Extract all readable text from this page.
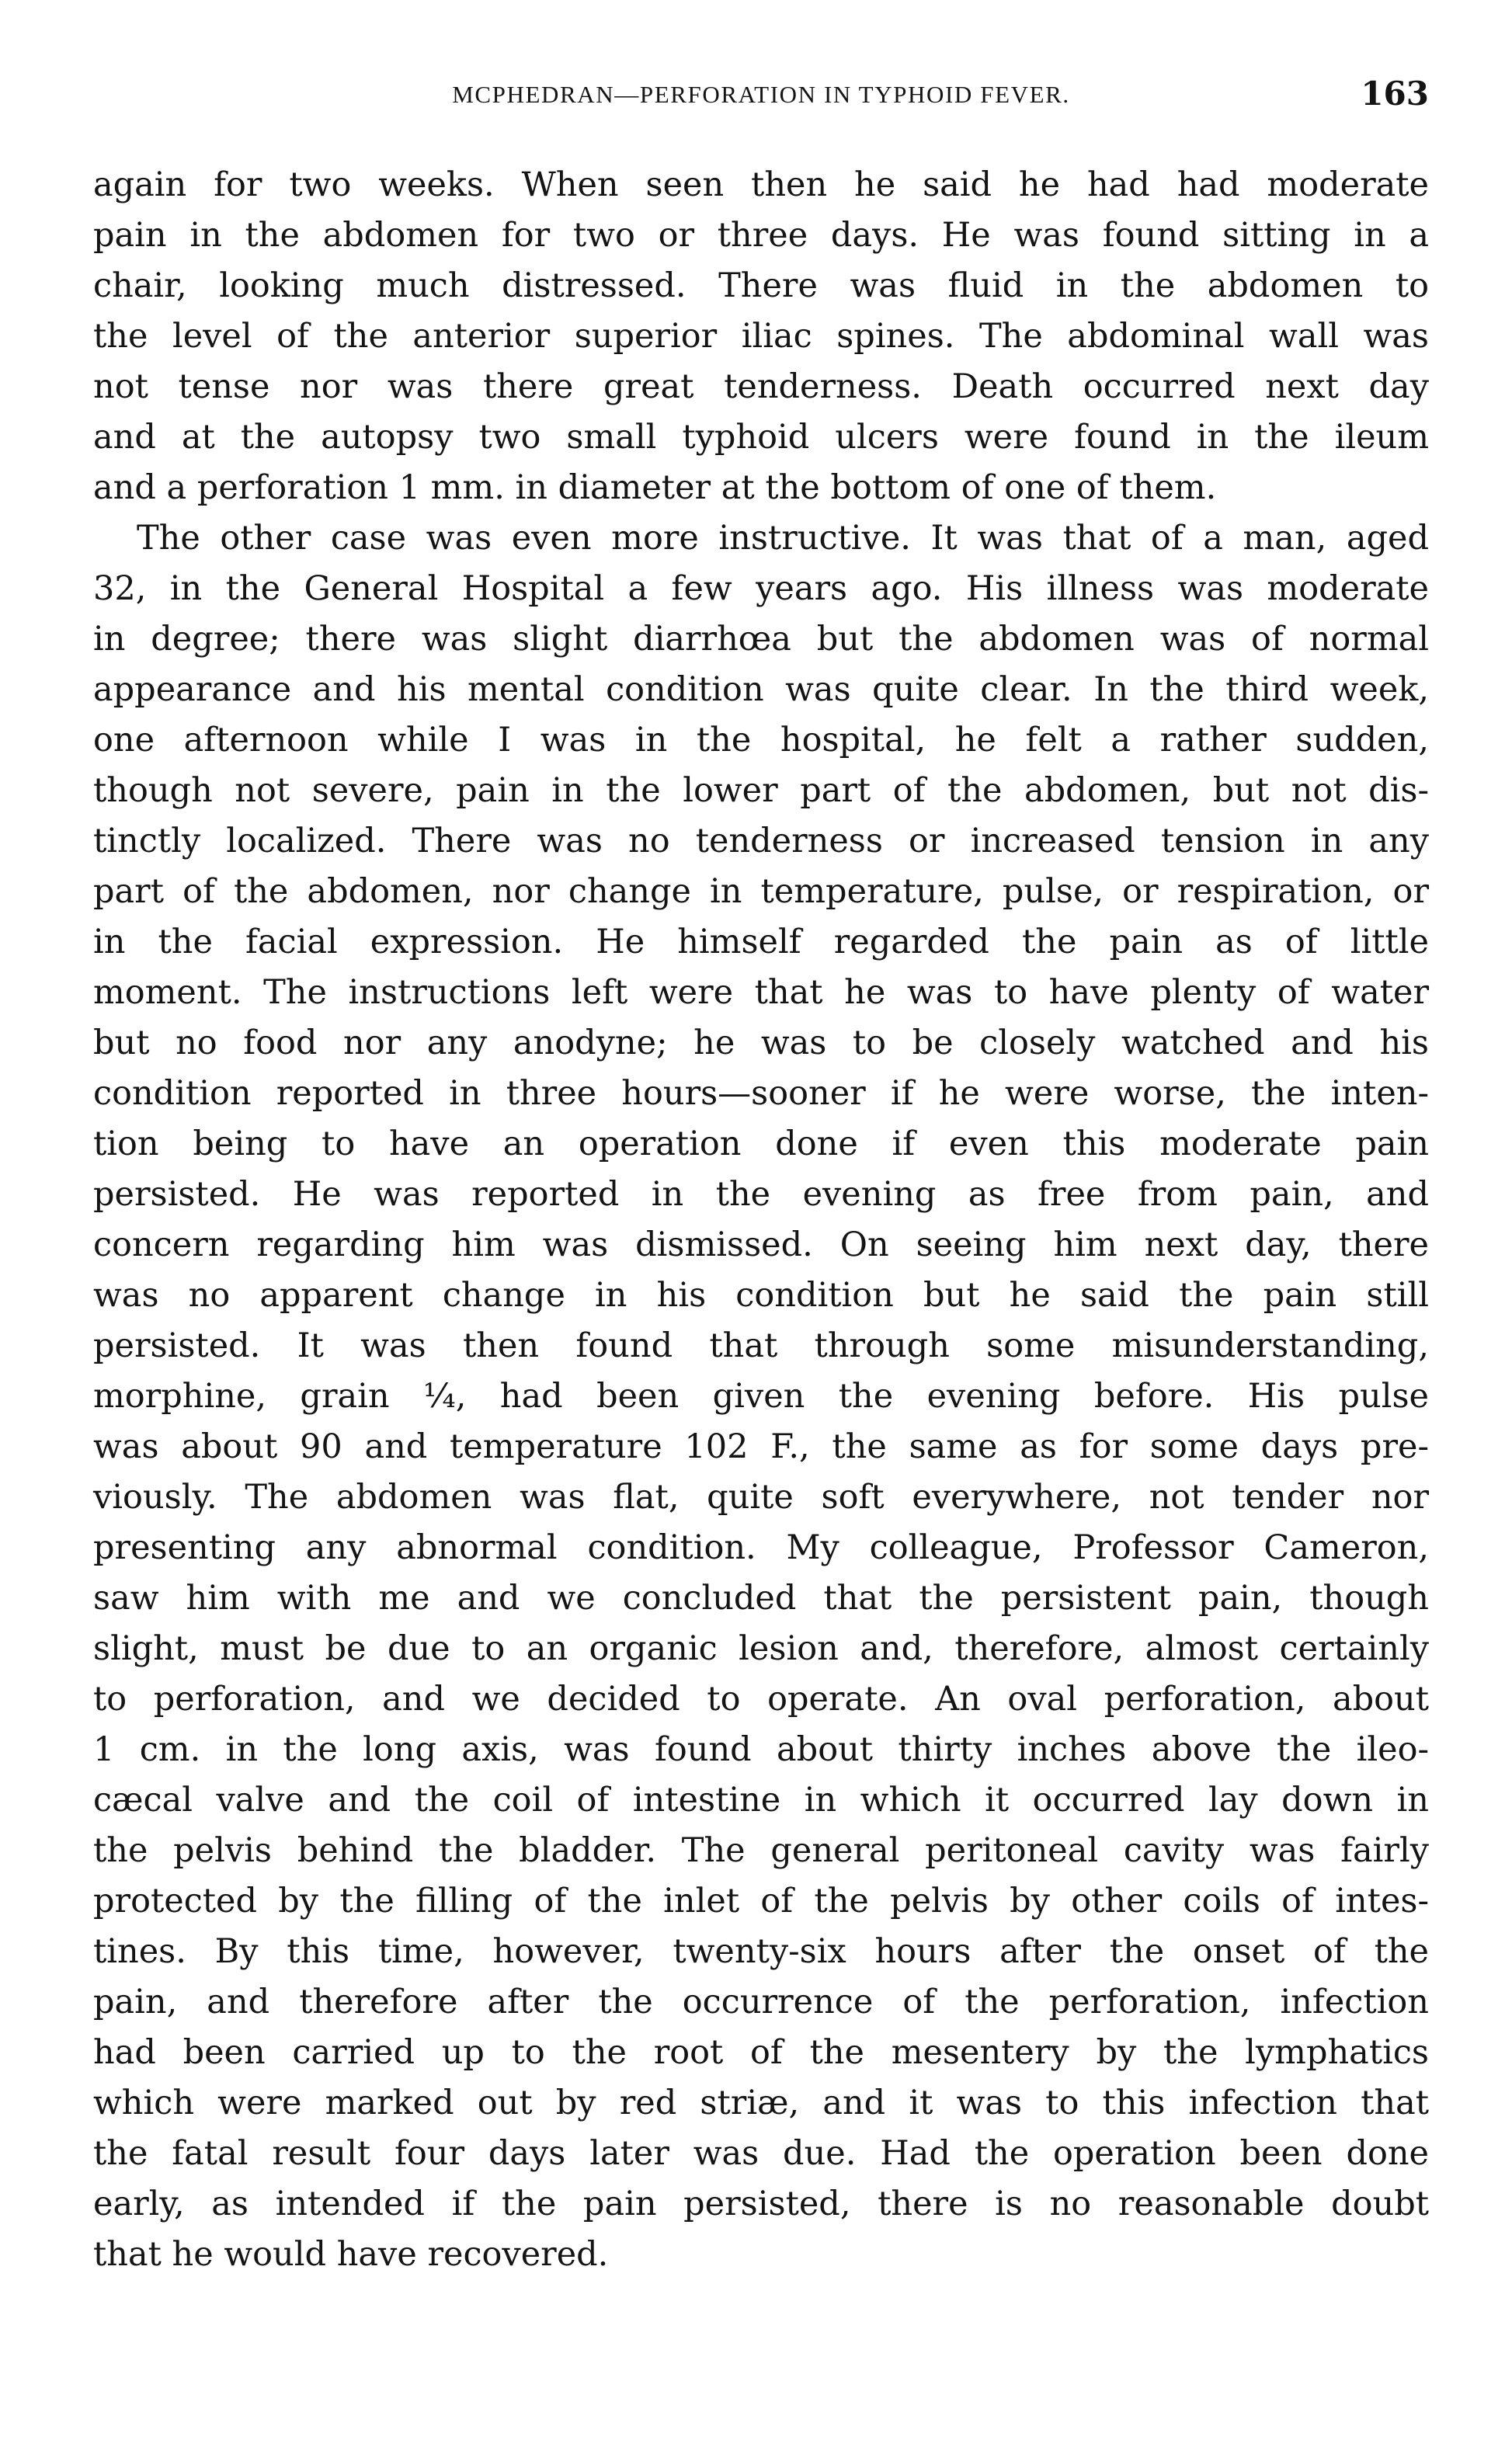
MCPHEDRAN—PERFORATION IN TYPHOID FEVER.	163
again for two weeks. When seen then he said he had had moderate
pain in the abdomen for two or three days. He was found sitting in a
chair, looking much distressed. There was fluid in the abdomen to
the level of the anterior superior iliac spines. The abdominal wall was
not tense nor was there great tenderness. Death occurred next day
and at the autopsy two small typhoid ulcers were found in the ileum
and a perforation 1 mm. in diameter at the bottom of one of them.
The other case was even more instructive. It was that of a man, aged
32, in the General Hospital a few years ago. His illness was moderate
in degree; there was slight diarrhœa but the abdomen was of normal
appearance and his mental condition was quite clear. In the third week,
one afternoon while I was in the hospital, he felt a rather sudden,
though not severe, pain in the lower part of the abdomen, but not dis-
tinctly localized. There was no tenderness or increased tension in any
part of the abdomen, nor change in temperature, pulse, or respiration, or
in the facial expression. He himself regarded the pain as of little
moment. The instructions left were that he was to have plenty of water
but no food nor any anodyne; he was to be closely watched and his
condition reported in three hours—sooner if he were worse, the inten-
tion being to have an operation done if even this moderate pain
persisted. He was reported in the evening as free from pain, and
concern regarding him was dismissed. On seeing him next day, there
was no apparent change in his condition but he said the pain still
persisted. It was then found that through some misunderstanding,
morphine, grain ¼, had been given the evening before. His pulse
was about 90 and temperature 102 F., the same as for some days pre-
viously. The abdomen was flat, quite soft everywhere, not tender nor
presenting any abnormal condition. My colleague, Professor Cameron,
saw him with me and we concluded that the persistent pain, though
slight, must be due to an organic lesion and, therefore, almost certainly
to perforation, and we decided to operate. An oval perforation, about
1 cm. in the long axis, was found about thirty inches above the ileo-
cæcal valve and the coil of intestine in which it occurred lay down in
the pelvis behind the bladder. The general peritoneal cavity was fairly
protected by the filling of the inlet of the pelvis by other coils of intes-
tines. By this time, however, twenty-six hours after the onset of the
pain, and therefore after the occurrence of the perforation, infection
had been carried up to the root of the mesentery by the lymphatics
which were marked out by red striæ, and it was to this infection that
the fatal result four days later was due. Had the operation been done
early, as intended if the pain persisted, there is no reasonable doubt
that he would have recovered.
